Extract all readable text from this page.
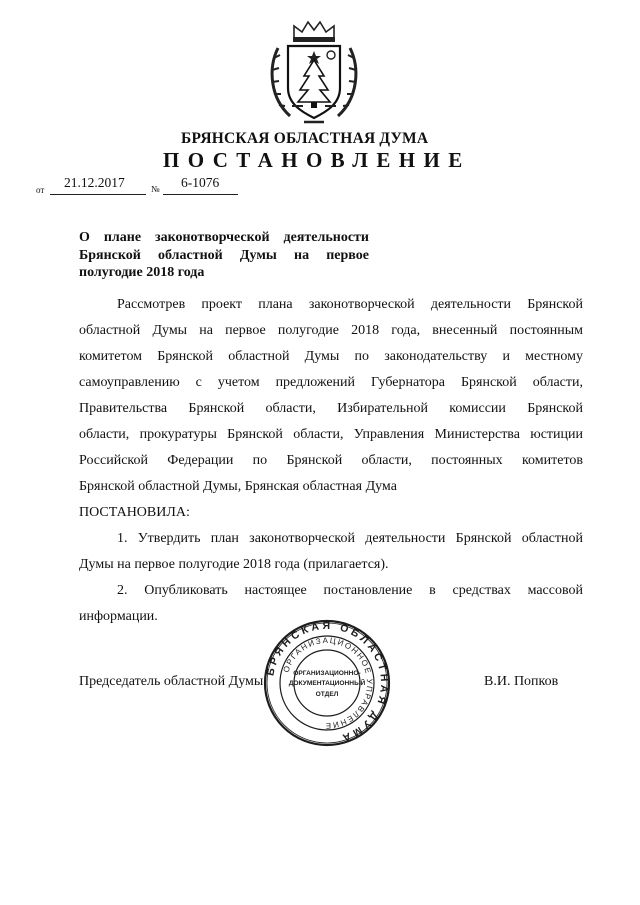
БРЯНСКАЯ ОБЛАСТНАЯ ДУМА
ПОСТАНОВЛЕНИЕ
от 21.12.2017	№ 6-1076
О плане законотворческой деятельности
Брянской областной Думы на первое
полугодие 2018 года
Рассмотрев проект плана законотворческой деятельности Брянской
областной Думы на первое полугодие 2018 года, внесенный постоянным
комитетом Брянской областной Думы по законодательству и местному
самоуправлению с учетом предложений Губернатора Брянской области,
Правительства Брянской области, Избирательной комиссии Брянской
области, прокуратуры Брянской области, Управления Министерства юстиции
Российской Федерации по Брянской области, постоянных комитетов
Брянской областной Думы, Брянская областная Дума
ПОСТАНОВИЛА:
1. Утвердить план законотворческой деятельности Брянской областной
Думы на первое полугодие 2018 года (прилагается).
2. Опубликовать настоящее постановление в средствах массовой
информации.
БРЯНСКАЯ ОБЛАСТНАЯ ДУМА
ОРГАНИЗАЦИОННОЕ УПРАВЛЕНИЕ
ОРГАНИЗАЦИОННО-
ДОКУМЕНТАЦИОННЫЙ
ОТДЕЛ
Председатель областной Думы	В.И. Попков
